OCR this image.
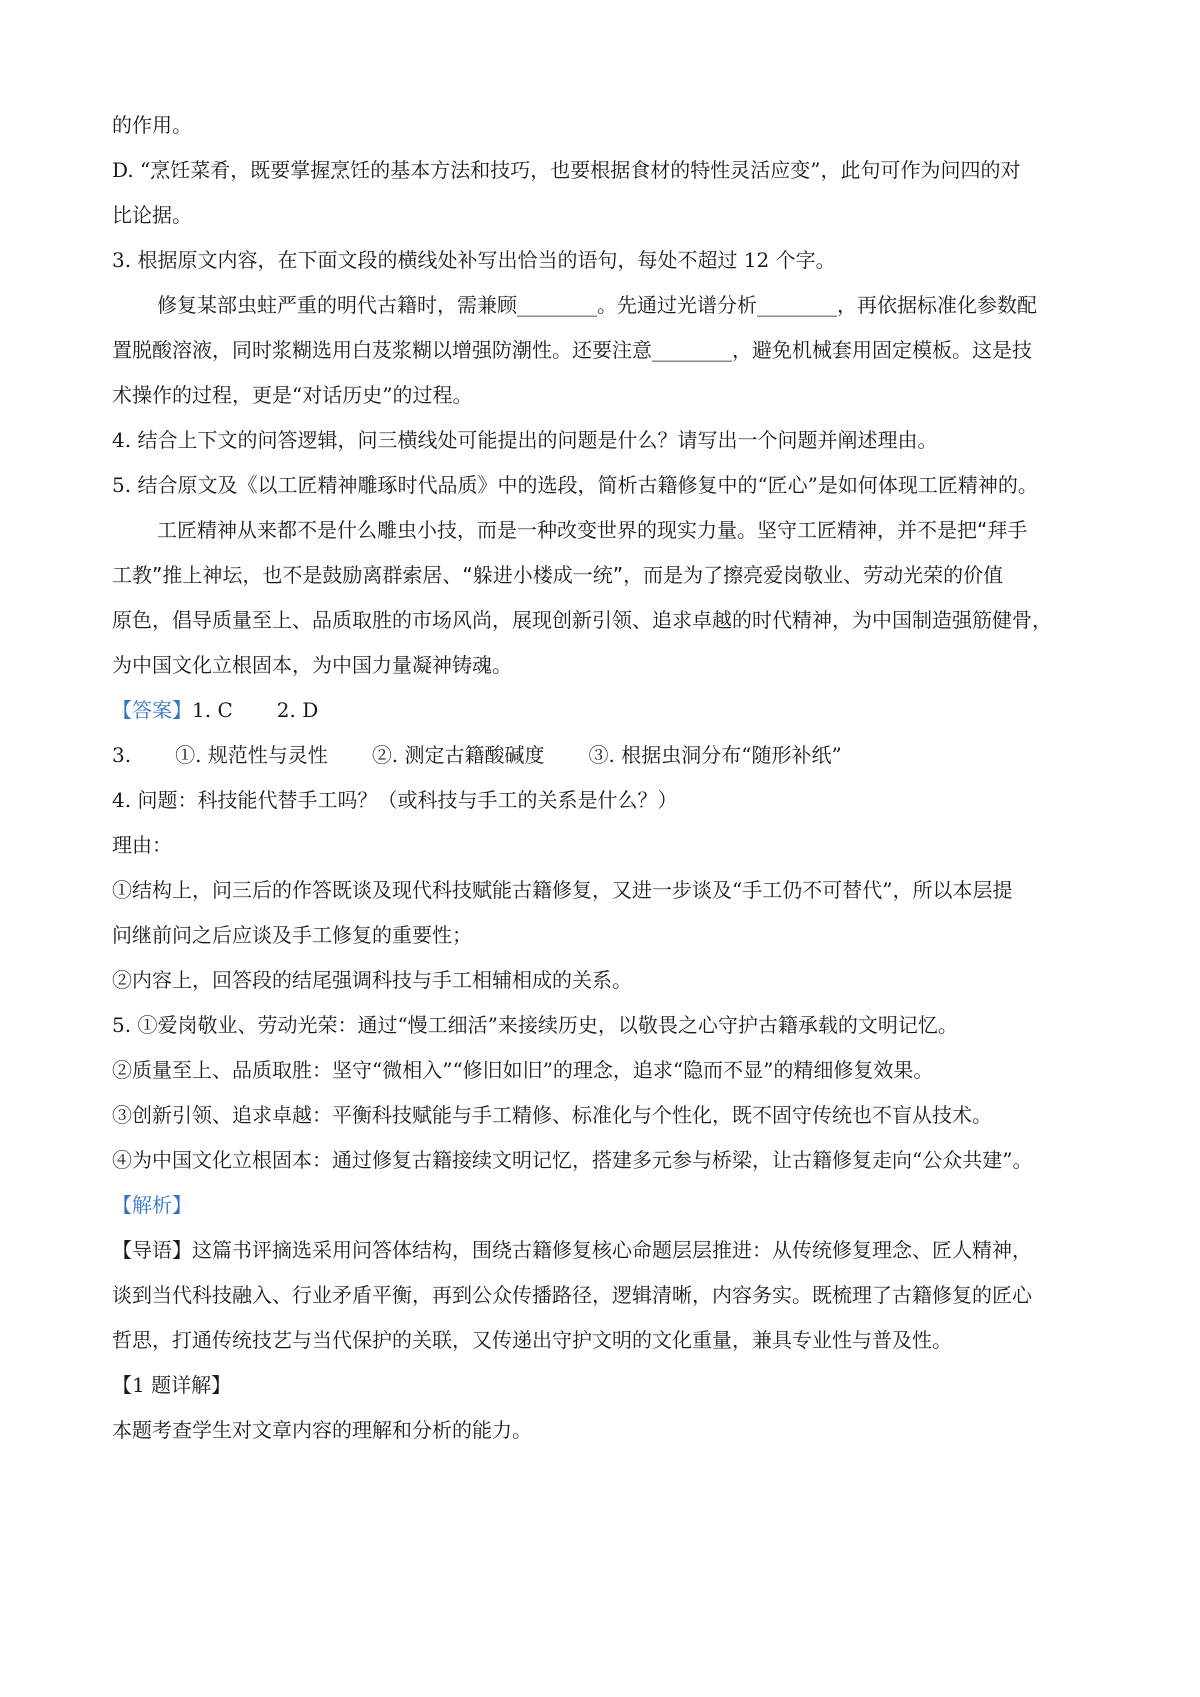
的作用。
D. “烹饪菜肴，既要掌握烹饪的基本方法和技巧，也要根据食材的特性灵活应变”，此句可作为问四的对
比论据。
3. 根据原文内容，在下面文段的横线处补写出恰当的语句，每处不超过 12 个字。
修复某部虫蛀严重的明代古籍时，需兼顾________。先通过光谱分析________，再依据标准化参数配
置脱酸溶液，同时浆糊选用白芨浆糊以增强防潮性。还要注意________，避免机械套用固定模板。这是技
术操作的过程，更是“对话历史”的过程。
4. 结合上下文的问答逻辑，问三横线处可能提出的问题是什么？请写出一个问题并阐述理由。
5. 结合原文及《以工匠精神雕琢时代品质》中的选段，简析古籍修复中的“匠心”是如何体现工匠精神的。
工匠精神从来都不是什么雕虫小技，而是一种改变世界的现实力量。坚守工匠精神，并不是把“拜手
工教”推上神坛，也不是鼓励离群索居、“躲进小楼成一统”，而是为了擦亮爱岗敬业、劳动光荣的价值
原色，倡导质量至上、品质取胜的市场风尚，展现创新引领、追求卓越的时代精神，为中国制造强筋健骨，
为中国文化立根固本，为中国力量凝神铸魂。
【答案】1. C 2. D
3. ①. 规范性与灵性 ②. 测定古籍酸碱度 ③. 根据虫洞分布“随形补纸”
4. 问题：科技能代替手工吗？（或科技与手工的关系是什么？）
理由：
①结构上，问三后的作答既谈及现代科技赋能古籍修复，又进一步谈及“手工仍不可替代”，所以本层提
问继前问之后应谈及手工修复的重要性；
②内容上，回答段的结尾强调科技与手工相辅相成的关系。
5. ①爱岗敬业、劳动光荣：通过“慢工细活”来接续历史，以敬畏之心守护古籍承载的文明记忆。
②质量至上、品质取胜：坚守“微相入”“修旧如旧”的理念，追求“隐而不显”的精细修复效果。
③创新引领、追求卓越：平衡科技赋能与手工精修、标准化与个性化，既不固守传统也不盲从技术。
④为中国文化立根固本：通过修复古籍接续文明记忆，搭建多元参与桥梁，让古籍修复走向“公众共建”。
【解析】
【导语】这篇书评摘选采用问答体结构，围绕古籍修复核心命题层层推进：从传统修复理念、匠人精神，
谈到当代科技融入、行业矛盾平衡，再到公众传播路径，逻辑清晰，内容务实。既梳理了古籍修复的匠心
哲思，打通传统技艺与当代保护的关联，又传递出守护文明的文化重量，兼具专业性与普及性。
【1 题详解】
本题考查学生对文章内容的理解和分析的能力。
